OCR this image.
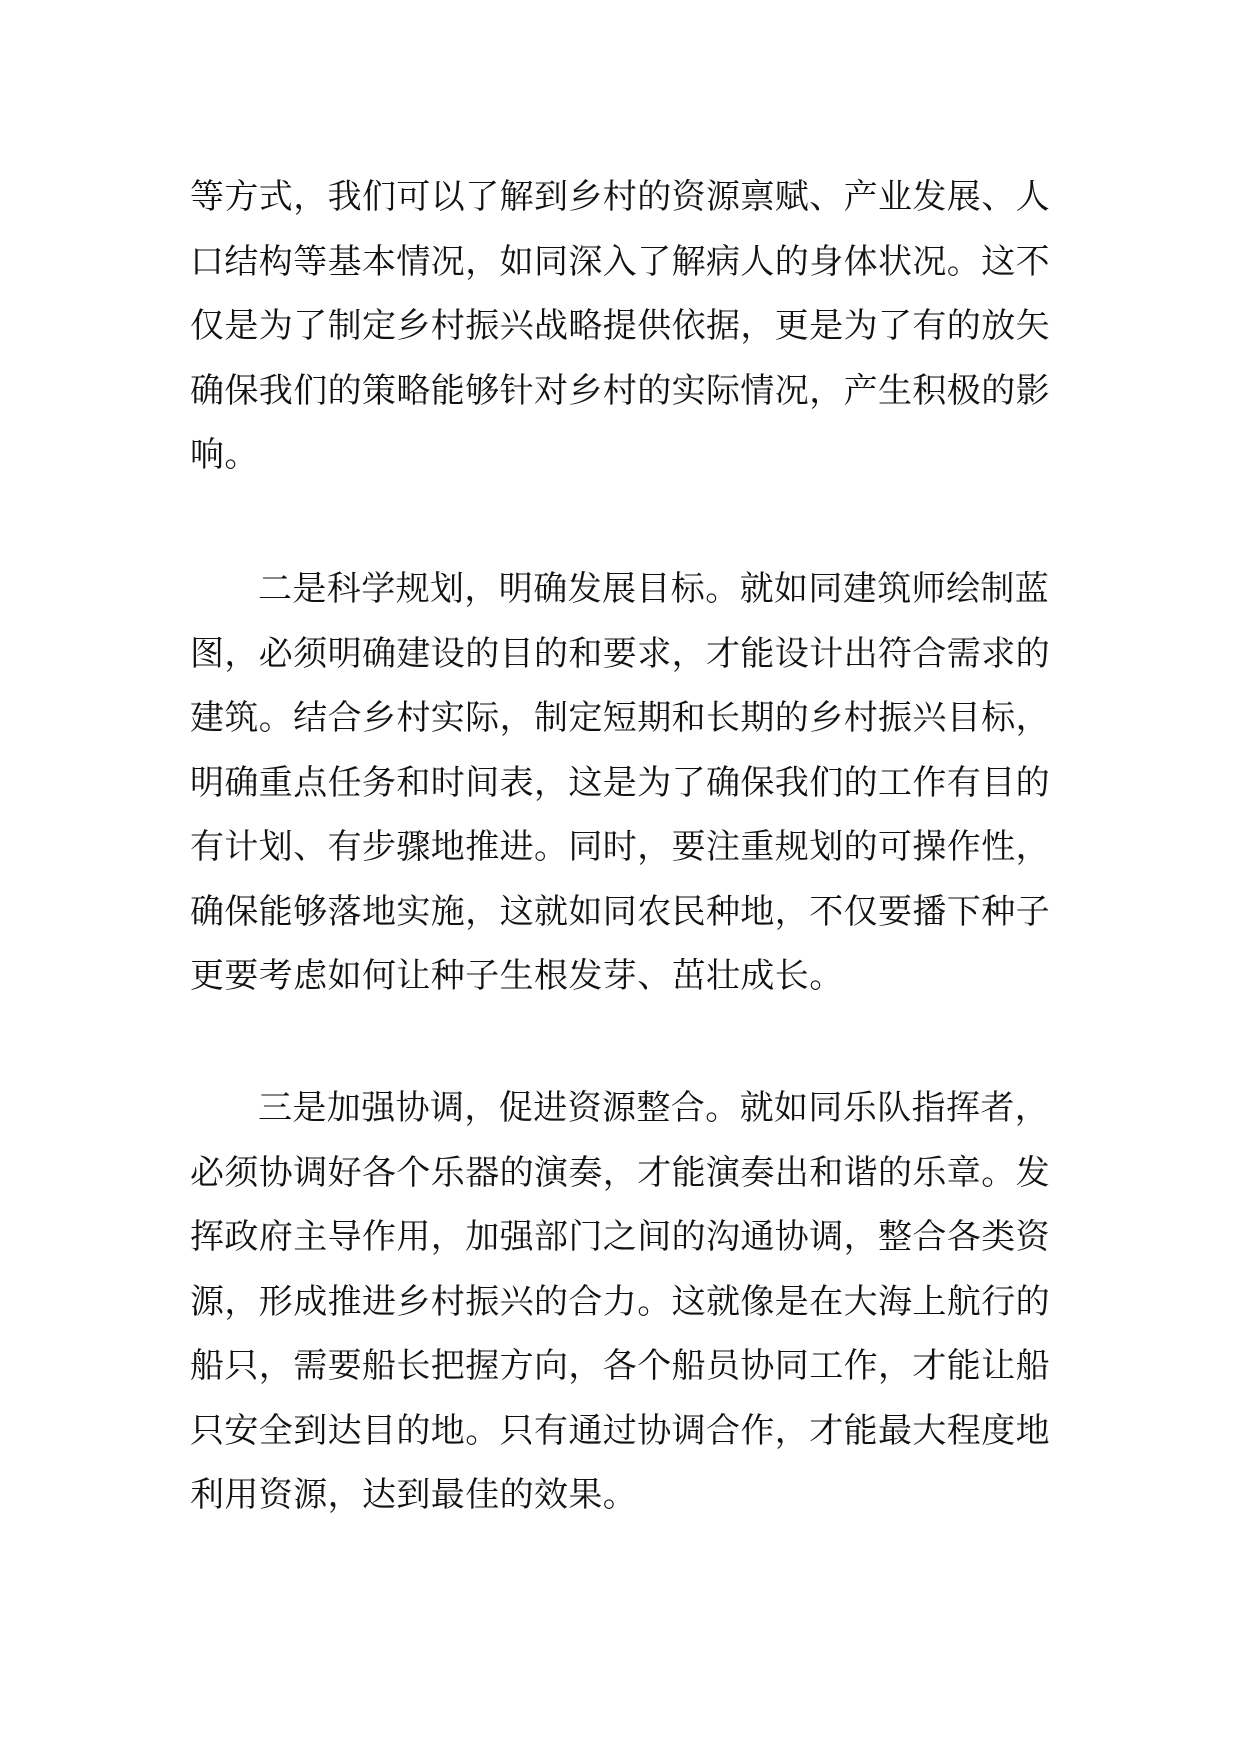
等方式，我们可以了解到乡村的资源禀赋、产业发展、人
口结构等基本情况，如同深入了解病人的身体状况。这不
仅是为了制定乡村振兴战略提供依据，更是为了有的放矢
确保我们的策略能够针对乡村的实际情况，产生积极的影
响。
二是科学规划，明确发展目标。就如同建筑师绘制蓝
图，必须明确建设的目的和要求，才能设计出符合需求的
建筑。结合乡村实际，制定短期和长期的乡村振兴目标，
明确重点任务和时间表，这是为了确保我们的工作有目的
有计划、有步骤地推进。同时，要注重规划的可操作性，
确保能够落地实施，这就如同农民种地，不仅要播下种子
更要考虑如何让种子生根发芽、茁壮成长。
三是加强协调，促进资源整合。就如同乐队指挥者，
必须协调好各个乐器的演奏，才能演奏出和谐的乐章。发
挥政府主导作用，加强部门之间的沟通协调，整合各类资
源，形成推进乡村振兴的合力。这就像是在大海上航行的
船只，需要船长把握方向，各个船员协同工作，才能让船
只安全到达目的地。只有通过协调合作，才能最大程度地
利用资源，达到最佳的效果。
